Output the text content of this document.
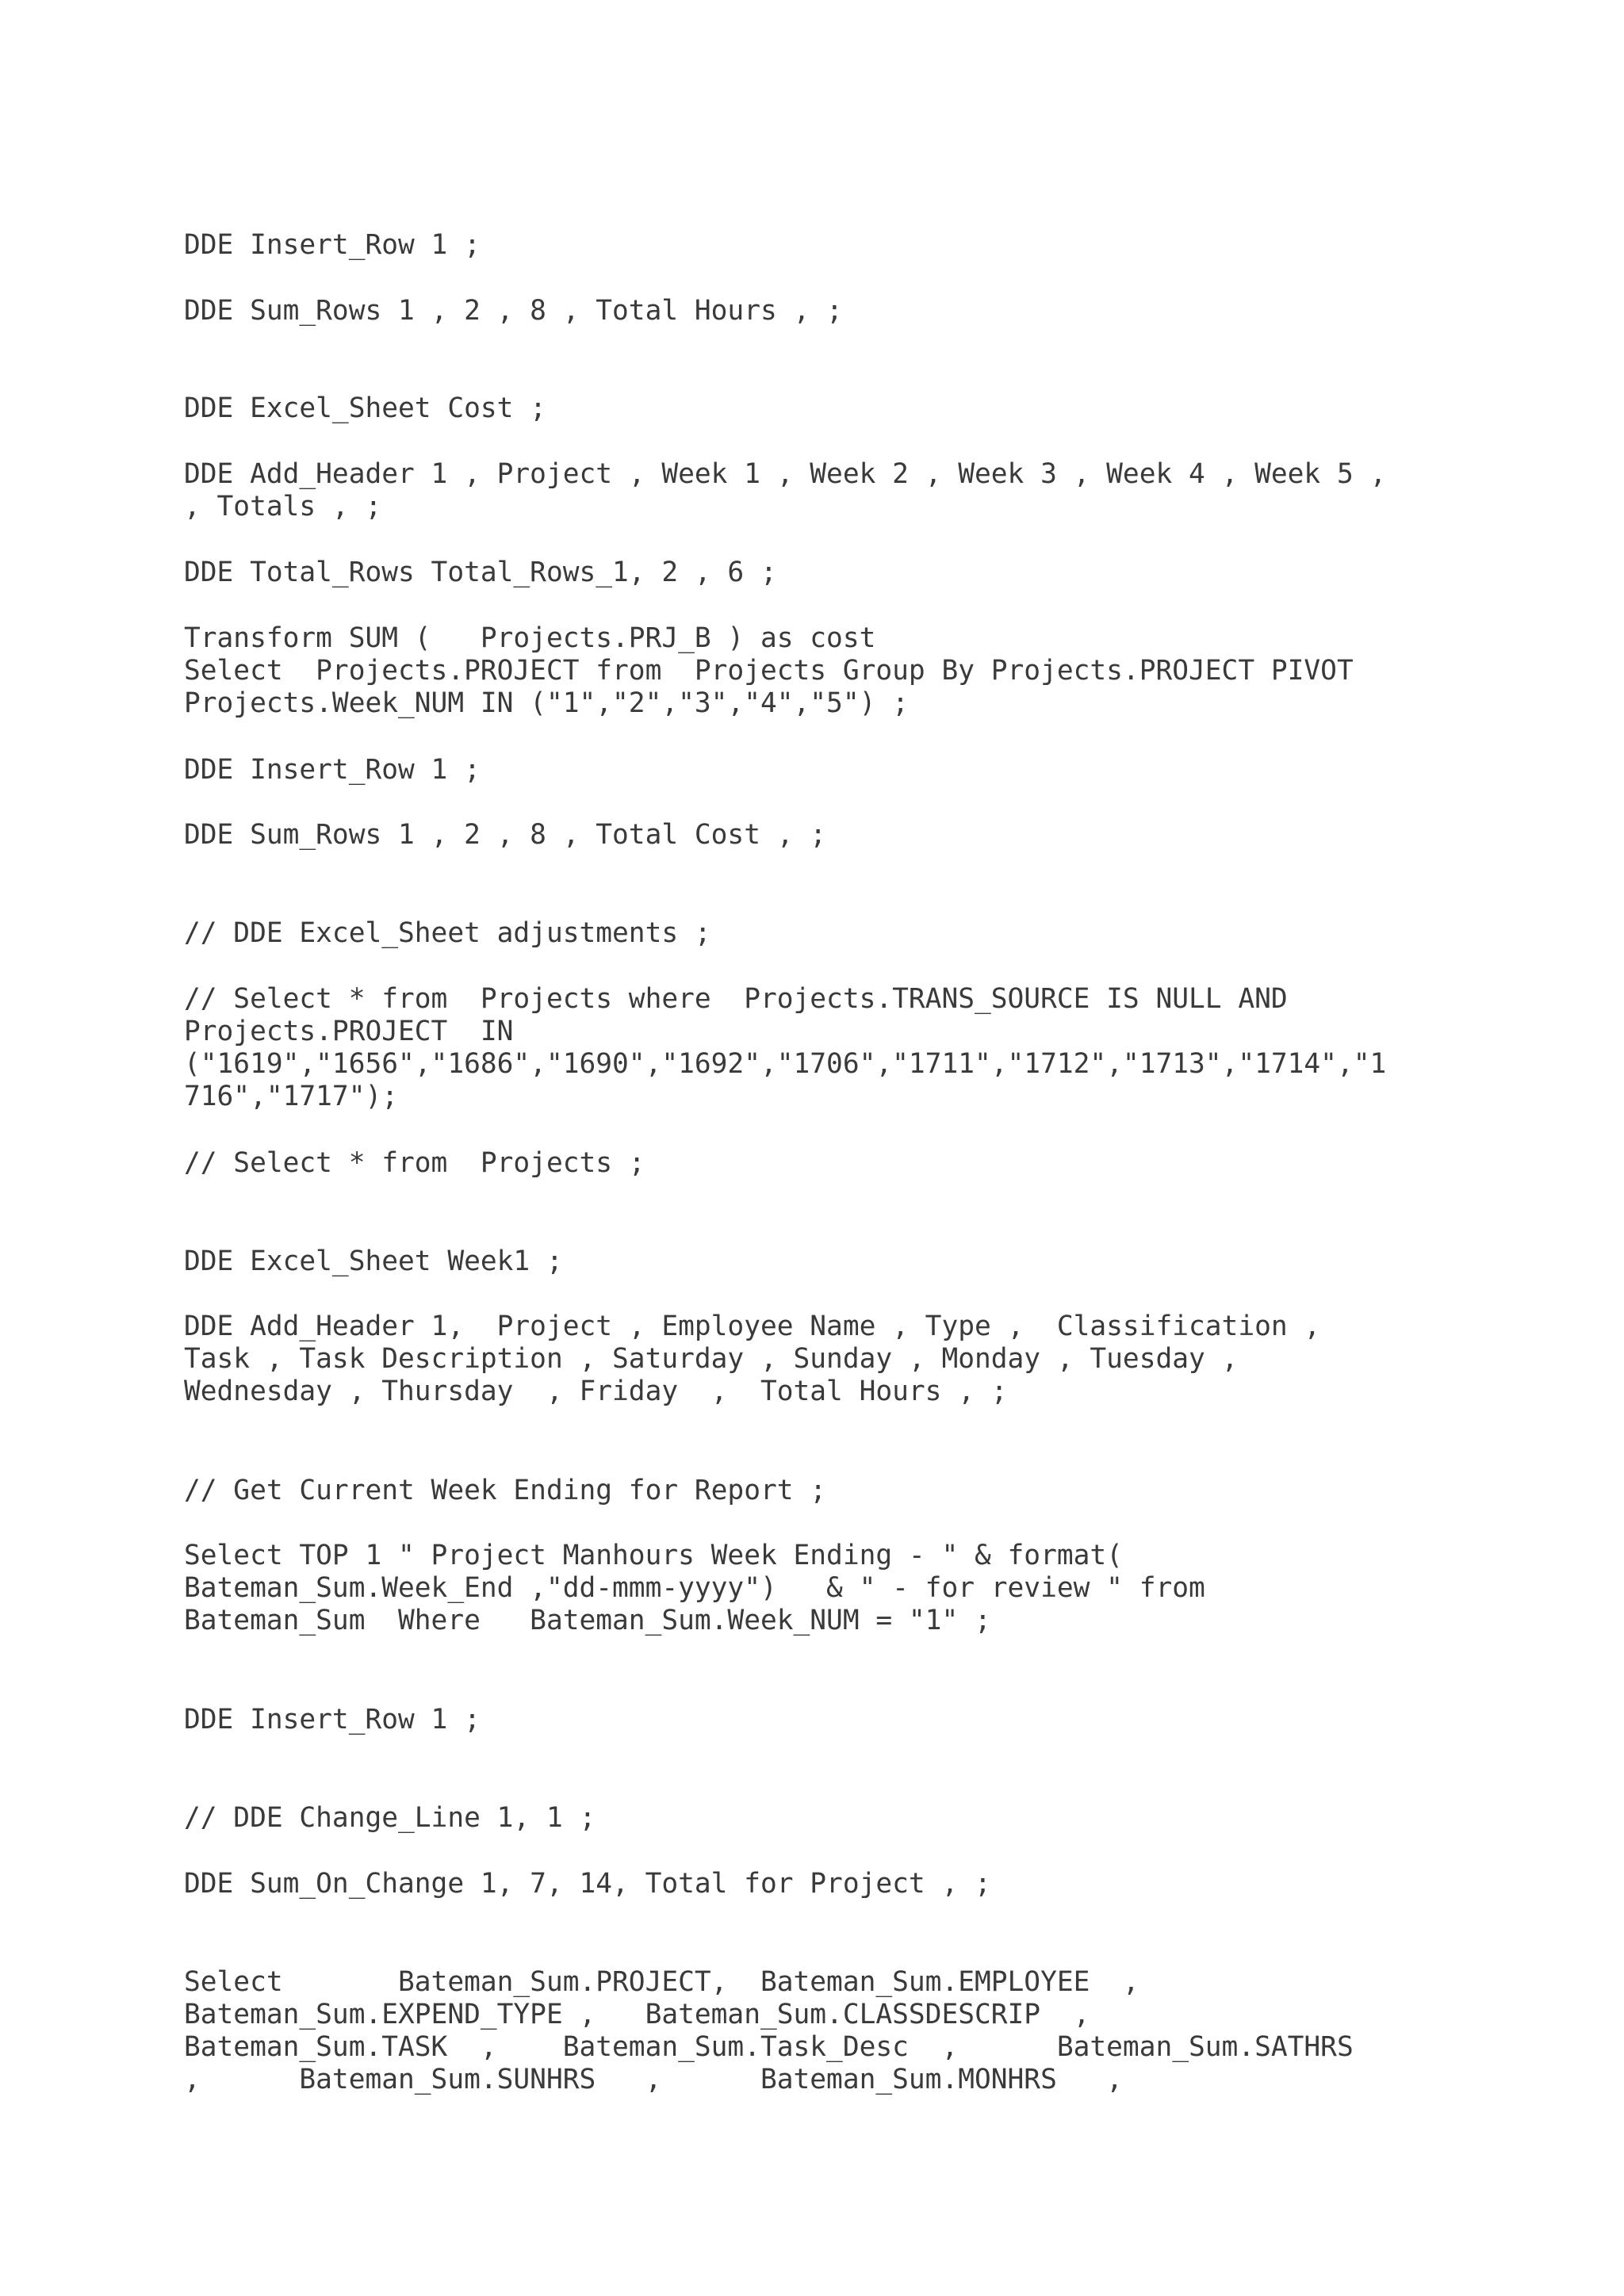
DDE Insert_Row 1 ;
DDE Sum_Rows 1 , 2 , 8 , Total Hours , ;
DDE Excel_Sheet Cost ;
DDE Add_Header 1 , Project , Week 1 , Week 2 , Week 3 , Week 4 , Week 5 ,
, Totals , ;
DDE Total_Rows Total_Rows_1, 2 , 6 ;
Transform SUM (   Projects.PRJ_B ) as cost
Select  Projects.PROJECT from  Projects Group By Projects.PROJECT PIVOT
Projects.Week_NUM IN ("1","2","3","4","5") ;
DDE Insert_Row 1 ;
DDE Sum_Rows 1 , 2 , 8 , Total Cost , ;
// DDE Excel_Sheet adjustments ;
// Select * from  Projects where  Projects.TRANS_SOURCE IS NULL AND
Projects.PROJECT  IN
("1619","1656","1686","1690","1692","1706","1711","1712","1713","1714","1
716","1717");
// Select * from  Projects ;
DDE Excel_Sheet Week1 ;
DDE Add_Header 1,  Project , Employee Name , Type ,  Classification ,
Task , Task Description , Saturday , Sunday , Monday , Tuesday ,
Wednesday , Thursday  , Friday  ,  Total Hours , ;
// Get Current Week Ending for Report ;
Select TOP 1 " Project Manhours Week Ending - " & format(
Bateman_Sum.Week_End ,"dd-mmm-yyyy")   & " - for review " from
Bateman_Sum  Where   Bateman_Sum.Week_NUM = "1" ;
DDE Insert_Row 1 ;
// DDE Change_Line 1, 1 ;
DDE Sum_On_Change 1, 7, 14, Total for Project , ;
Select       Bateman_Sum.PROJECT,  Bateman_Sum.EMPLOYEE  ,
Bateman_Sum.EXPEND_TYPE ,   Bateman_Sum.CLASSDESCRIP  ,
Bateman_Sum.TASK  ,    Bateman_Sum.Task_Desc  ,      Bateman_Sum.SATHRS
,      Bateman_Sum.SUNHRS   ,      Bateman_Sum.MONHRS   ,
